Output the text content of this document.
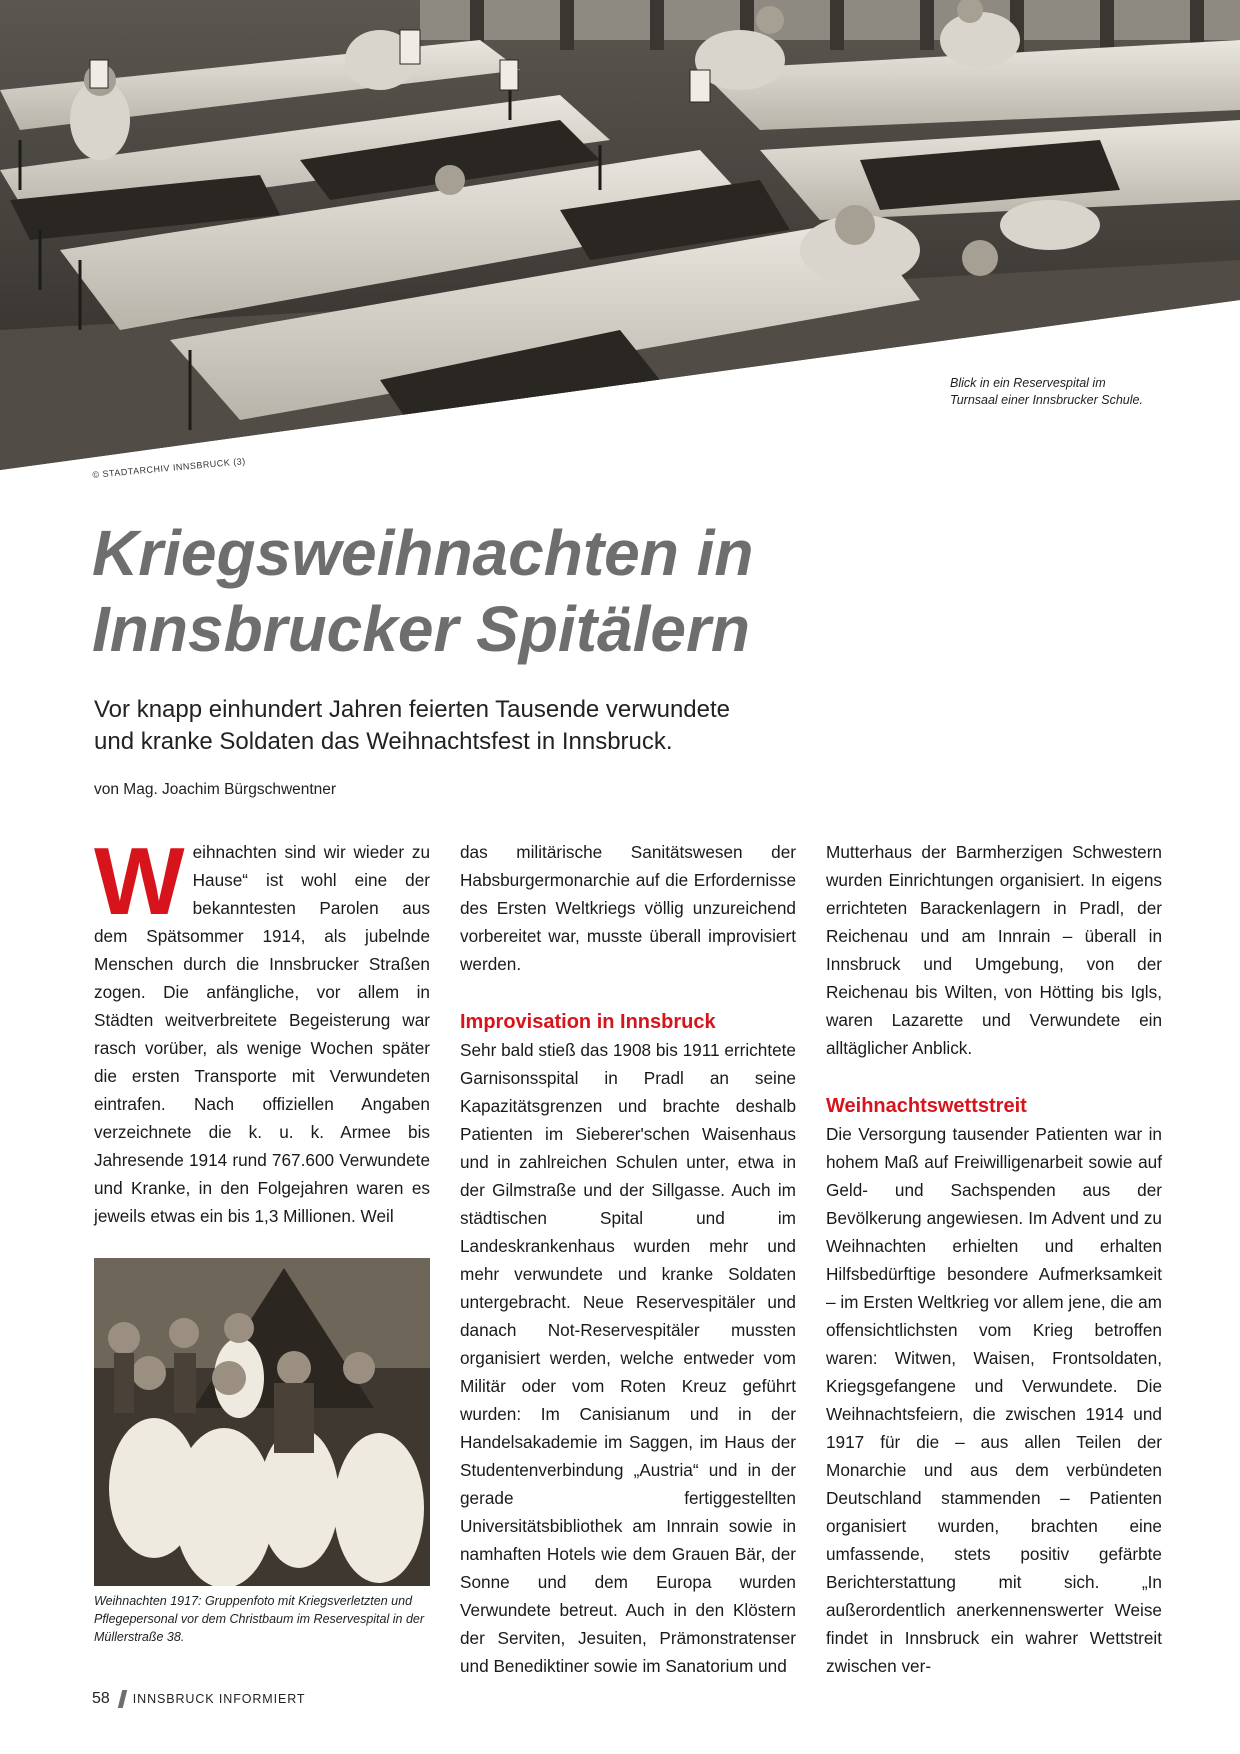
Blick in ein Reservespital im
Turnsaal einer Innsbrucker Schule.
© STADTARCHIV INNSBRUCK (3)
Kriegsweihnachten in
Innsbrucker Spitälern

Vor knapp einhundert Jahren feierten Tausende verwundete
und kranke Soldaten das Weihnachtsfest in Innsbruck.

von Mag. Joachim Bürgschwentner

Weihnachten sind wir wieder zu Hause“ ist wohl eine der bekanntesten Parolen aus dem Spätsommer 1914, als jubelnde Menschen durch die Innsbrucker Straßen zogen. Die anfängliche, vor allem in Städten weitverbreitete Begeisterung war rasch vorüber, als wenige Wochen später die ersten Transporte mit Verwundeten eintrafen. Nach offiziellen Angaben verzeichnete die k. u. k. Armee bis Jahresende 1914 rund 767.600 Verwundete und Kranke, in den Folgejahren waren es jeweils etwas ein bis 1,3 Millionen. Weil

Weihnachten 1917: Gruppenfoto mit Kriegsverletzten und Pflegepersonal vor dem Christbaum im Reservespital in der Müllerstraße 38.

das militärische Sanitätswesen der Habsburgermonarchie auf die Erfordernisse des Ersten Weltkriegs völlig unzureichend vorbereitet war, musste überall improvisiert werden.

Improvisation in Innsbruck

Sehr bald stieß das 1908 bis 1911 errichtete Garnisonsspital in Pradl an seine Kapazitätsgrenzen und brachte deshalb Patienten im Sieberer'schen Waisenhaus und in zahlreichen Schulen unter, etwa in der Gilmstraße und der Sillgasse. Auch im städtischen Spital und im Landeskrankenhaus wurden mehr und mehr verwundete und kranke Soldaten untergebracht. Neue Reservespitäler und danach Not-Reservespitäler mussten organisiert werden, welche entweder vom Militär oder vom Roten Kreuz geführt wurden: Im Canisianum und in der Handelsakademie im Saggen, im Haus der Studentenverbindung „Austria“ und in der gerade fertiggestellten Universitätsbibliothek am Innrain sowie in namhaften Hotels wie dem Grauen Bär, der Sonne und dem Europa wurden Verwundete betreut. Auch in den Klöstern der Serviten, Jesuiten, Prämonstratenser und Benediktiner sowie im Sanatorium und

Mutterhaus der Barmherzigen Schwestern wurden Einrichtungen organisiert. In eigens errichteten Barackenlagern in Pradl, der Reichenau und am Innrain – überall in Innsbruck und Umgebung, von der Reichenau bis Wilten, von Hötting bis Igls, waren Lazarette und Verwundete ein alltäglicher Anblick.

Weihnachtswettstreit

Die Versorgung tausender Patienten war in hohem Maß auf Freiwilligenarbeit sowie auf Geld- und Sachspenden aus der Bevölkerung angewiesen. Im Advent und zu Weihnachten erhielten und erhalten Hilfsbedürftige besondere Aufmerksamkeit – im Ersten Weltkrieg vor allem jene, die am offensichtlichsten vom Krieg betroffen waren: Witwen, Waisen, Frontsoldaten, Kriegsgefangene und Verwundete. Die Weihnachtsfeiern, die zwischen 1914 und 1917 für die – aus allen Teilen der Monarchie und aus dem verbündeten Deutschland stammenden – Patienten organisiert wurden, brachten eine umfassende, stets positiv gefärbte Berichterstattung mit sich. „In außerordentlich anerkennenswerter Weise findet in Innsbruck ein wahrer Wettstreit zwischen ver-

58 INNSBRUCK INFORMIERT
